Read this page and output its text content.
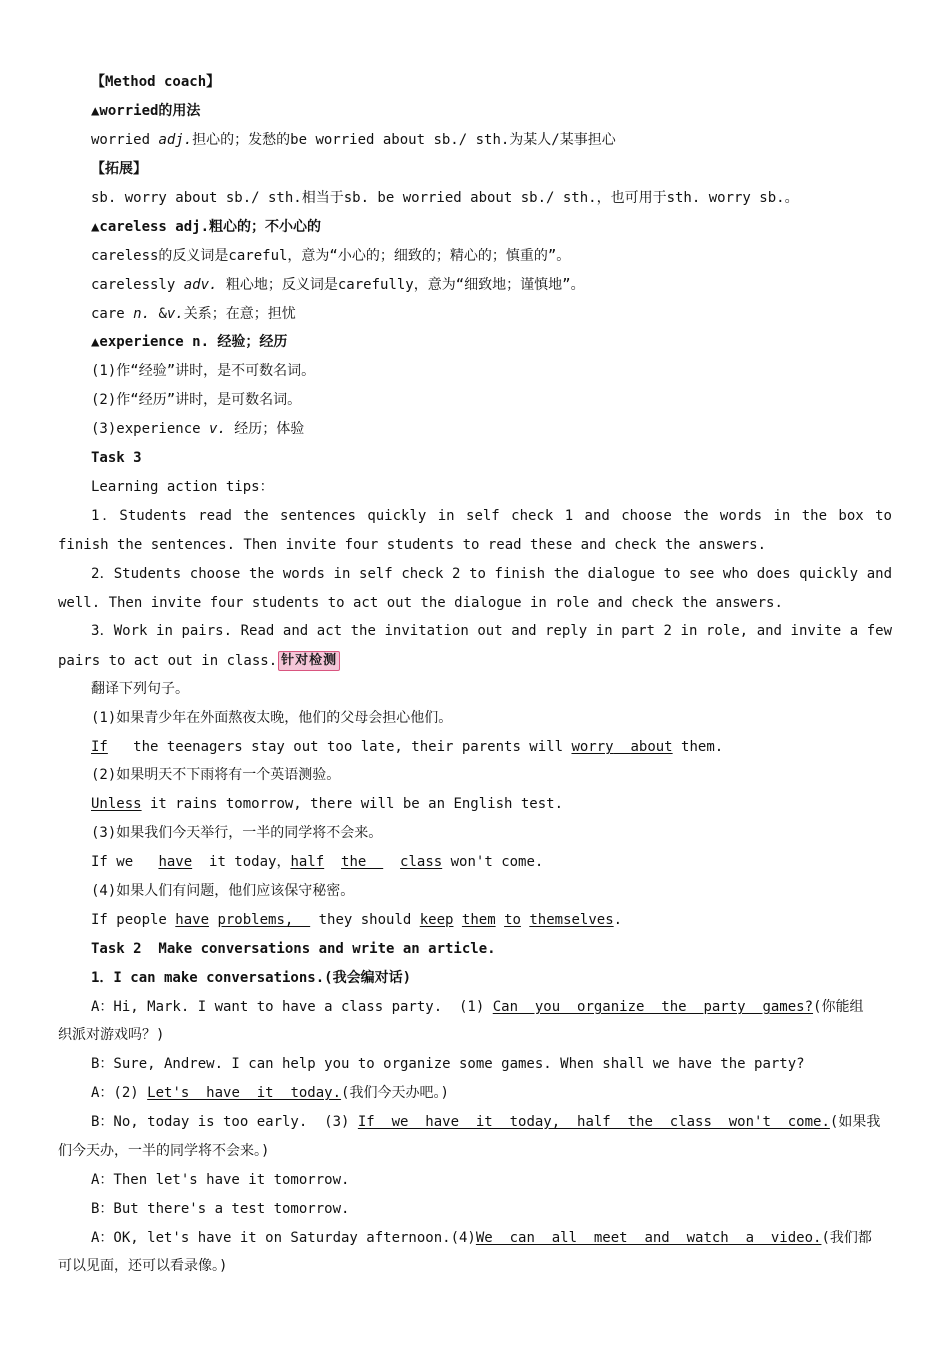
【Method coach】
▲worried的用法
worried adj.担心的；发愁的be worried about sb./ sth.为某人/某事担心
【拓展】
sb. worry about sb./ sth.相当于sb. be worried about sb./ sth.，也可用于sth. worry sb.。
▲careless adj.粗心的；不小心的
careless的反义词是careful，意为“小心的；细致的；精心的；慎重的”。
carelessly adv. 粗心地；反义词是carefully，意为“细致地；谨慎地”。
care n. &v.关系；在意；担忧
▲experience n. 经验；经历
(1)作“经验”讲时，是不可数名词。
(2)作“经历”讲时，是可数名词。
(3)experience v. 经历；体验
Task 3
Learning action tips：
1．Students read the sentences quickly in self check 1 and choose the words in the box to
finish the sentences. Then invite four students to read these and check the answers.
2．Students choose the words in self check 2 to finish the dialogue to see who does quickly and
well. Then invite four students to act out the dialogue in role and check the answers.
3．Work in pairs. Read and act the invitation out and reply in part 2 in role, and invite a few
pairs to act out in class. 针对检测
翻译下列句子。
(1)如果青少年在外面熬夜太晚，他们的父母会担心他们。
If   the teenagers stay out too late, their parents will worry about them.
(2)如果明天不下雨将有一个英语测验。
Unless it rains tomorrow, there will be an English test.
(3)如果我们今天举行，一半的同学将不会来。
If we   have  it today，half the    class won't come.
(4)如果人们有问题，他们应该保守秘密。
If people have problems,   they should keep them to themselves.
Task 2  Make conversations and write an article.
1．I can make conversations.(我会编对话)
A：Hi, Mark. I want to have a class party.  (1) Can  you  organize  the  party  games?(你能组
织派对游戏吗？)
B：Sure, Andrew. I can help you to organize some games. When shall we have the party?
A：(2) Let's  have  it  today.(我们今天办吧。)
B：No, today is too early.  (3) If  we  have  it  today,  half  the  class  won't  come.(如果我
们今天办，一半的同学将不会来。)
A：Then let's have it tomorrow.
B：But there's a test tomorrow.
A：OK, let's have it on Saturday afternoon.(4)We  can  all  meet  and  watch  a  video.(我们都
可以见面，还可以看录像。)
